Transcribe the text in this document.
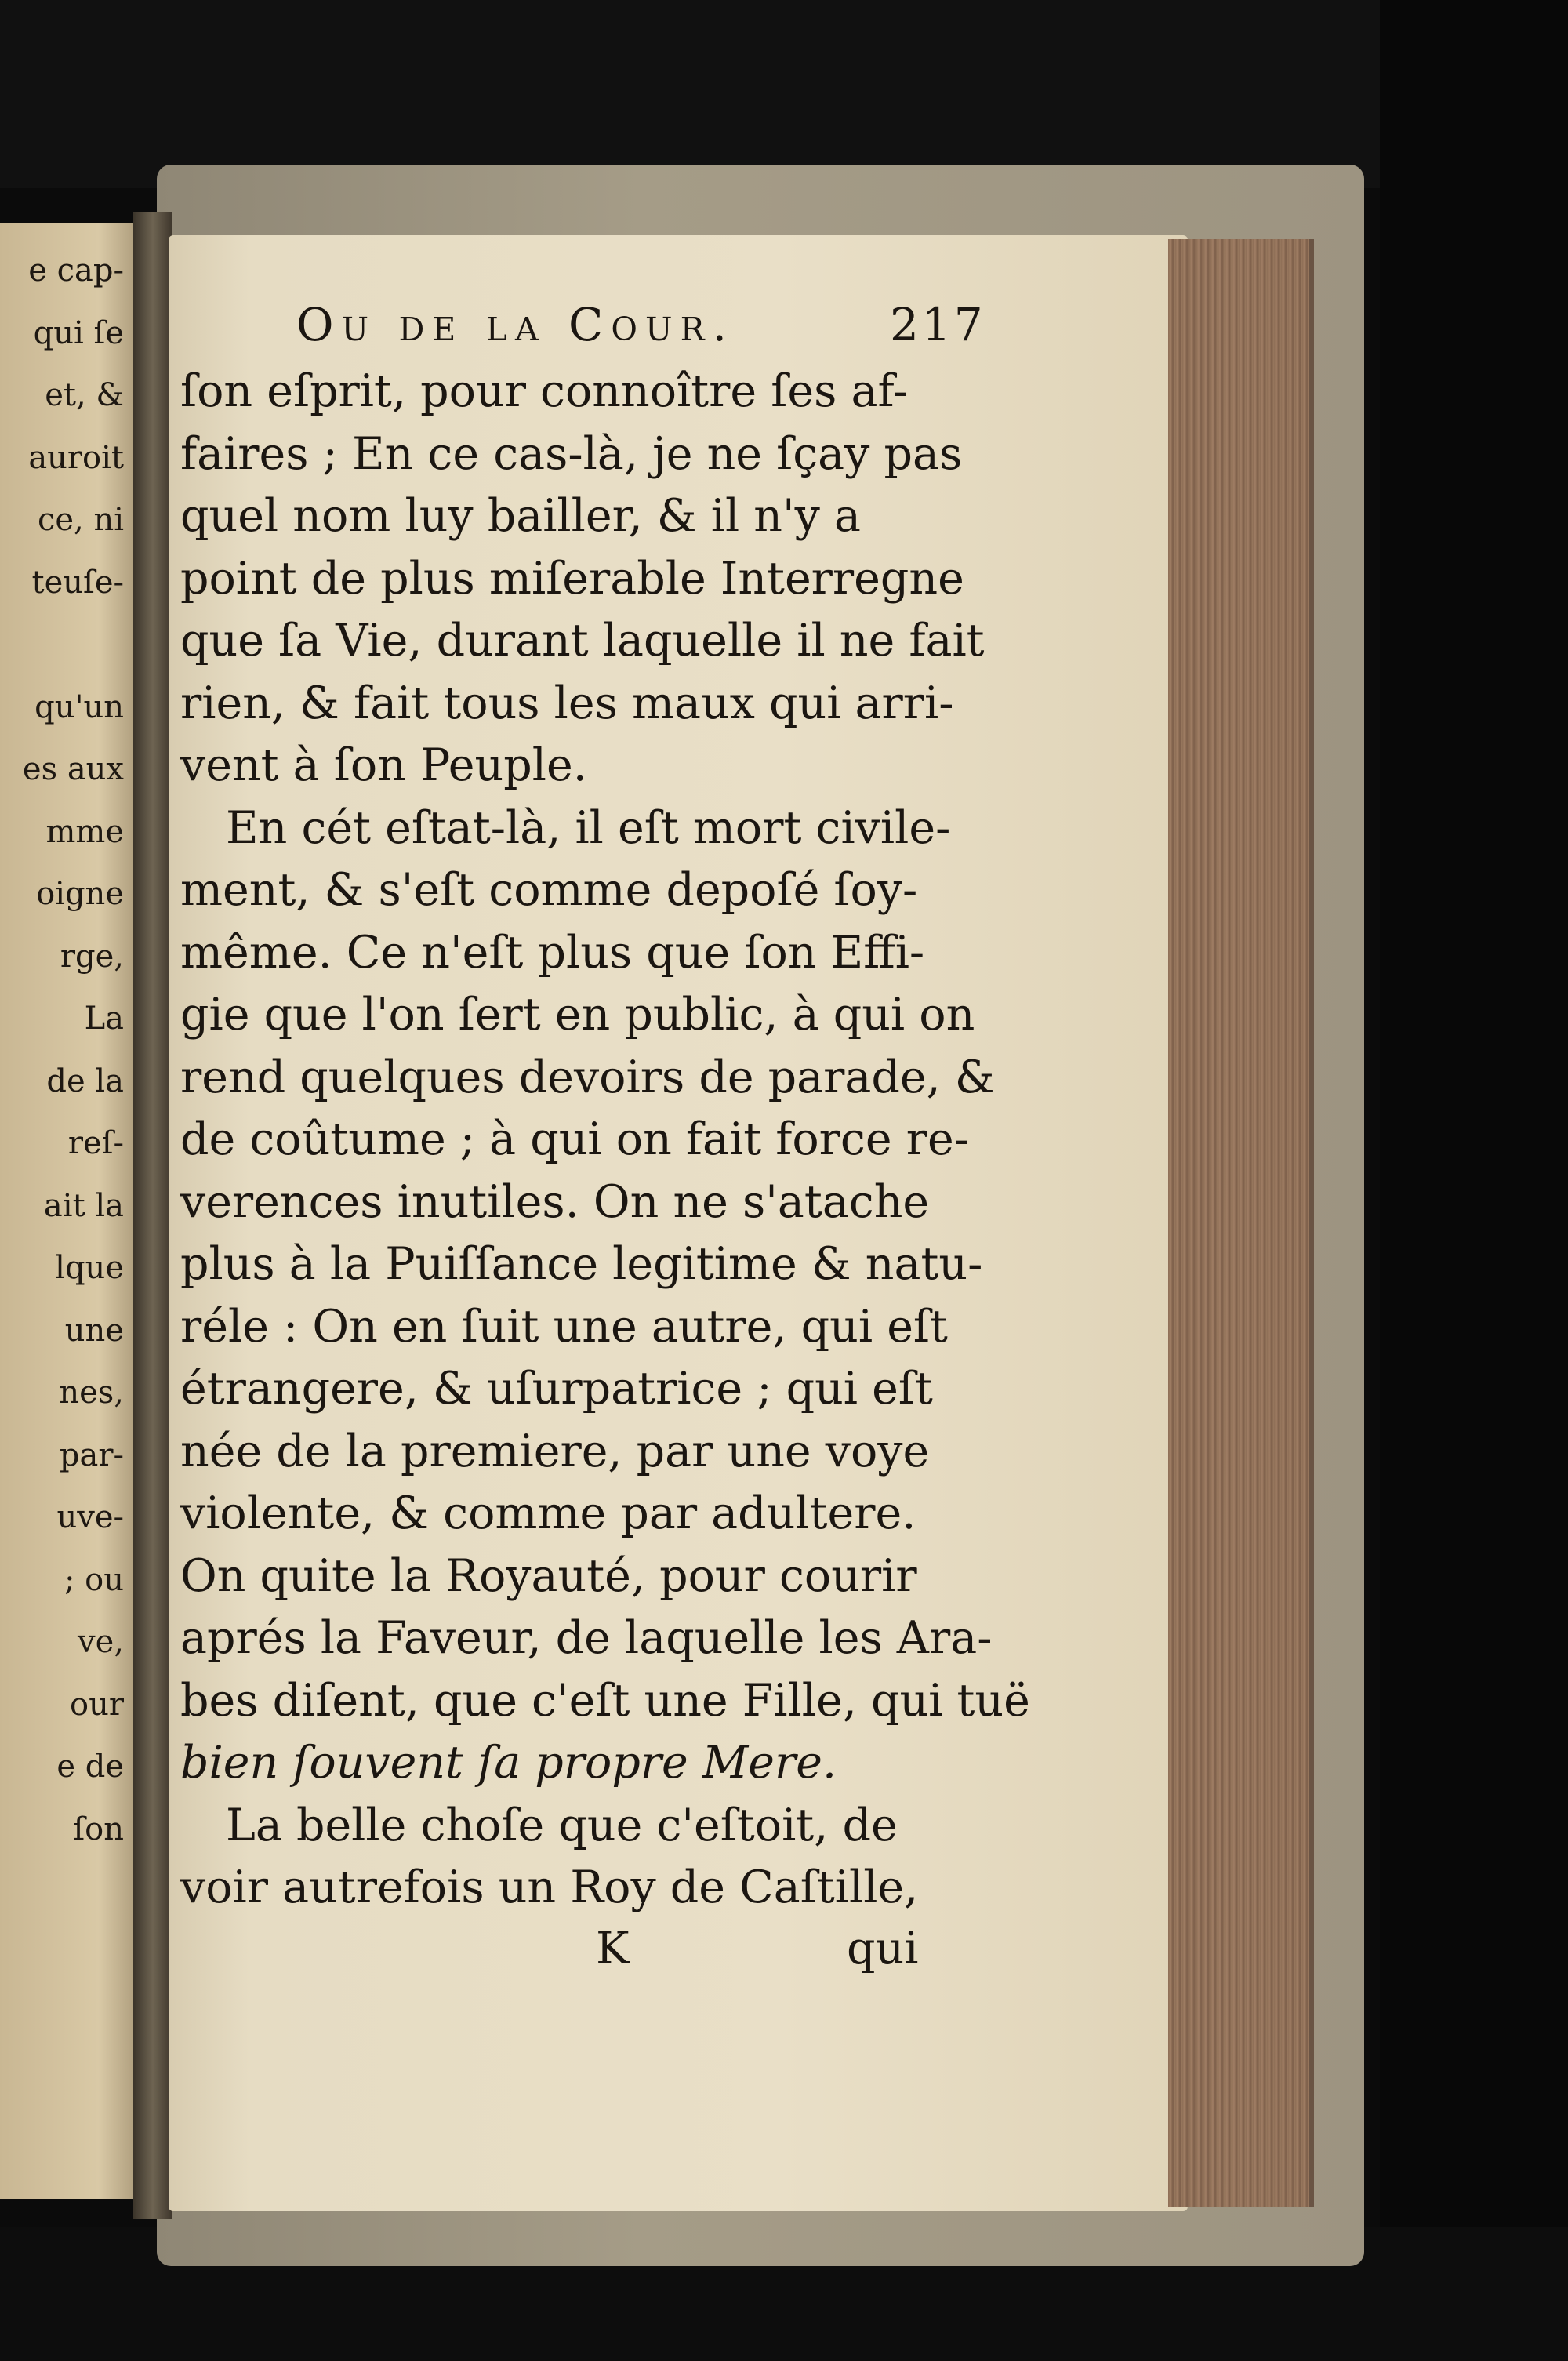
e cap-
qui ſe
et, &
auroit
ce, ni
teuſe-
qu'un
es aux
mme
oigne
rge,
La
de la
reſ-
ait la
lque
une
nes,
par-
uve-
; ou
ve,
our
e de
ſon
Ou de la Cour.	217
ſon eſprit, pour connoître ſes af-
faires ; En ce cas-là, je ne ſçay pas
quel nom luy bailler, & il n'y a
point de plus miſerable Interregne
que ſa Vie, durant laquelle il ne fait
rien, & fait tous les maux qui arri-
vent à ſon Peuple.
En cét eſtat-là, il eſt mort civile-
ment, & s'eſt comme depoſé ſoy-
même. Ce n'eſt plus que ſon Effi-
gie que l'on ſert en public, à qui on
rend quelques devoirs de parade, &
de coûtume ; à qui on fait force re-
verences inutiles. On ne s'atache
plus à la Puiſſance legitime & natu-
réle : On en ſuit une autre, qui eſt
étrangere, & uſurpatrice ; qui eſt
née de la premiere, par une voye
violente, & comme par adultere.
On quite la Royauté, pour courir
aprés la Faveur, de laquelle les Ara-
bes diſent, que c'eſt une Fille, qui tuë
bien ſouvent ſa propre Mere.
La belle choſe que c'eſtoit, de
voir autrefois un Roy de Caſtille,
K	qui
